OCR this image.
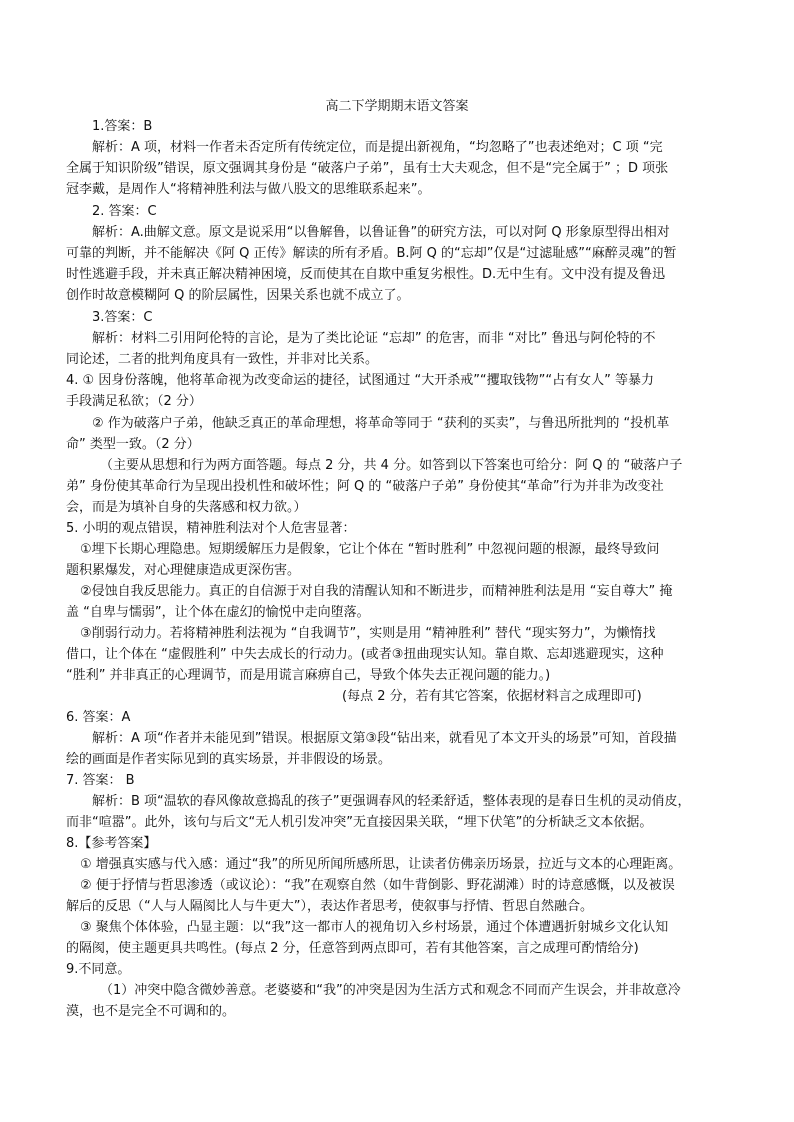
高二下学期期末语文答案
1.答案：B
解析：A 项，材料一作者未否定所有传统定位，而是提出新视角，“均忽略了”也表述绝对；C 项 “完
全属于知识阶级”错误，原文强调其身份是 “破落户子弟”，虽有士大夫观念，但不是“完全属于” ；D 项张
冠李戴，是周作人“将精神胜利法与做八股文的思维联系起来”。
2. 答案：C
解析：A.曲解文意。原文是说采用“以鲁解鲁，以鲁证鲁”的研究方法，可以对阿 Q 形象原型得出相对
可靠的判断，并不能解决《阿 Q 正传》解读的所有矛盾。B.阿 Q 的“忘却”仅是“过滤耻感”“麻醉灵魂”的暂
时性逃避手段，并未真正解决精神困境，反而使其在自欺中重复劣根性。D.无中生有。文中没有提及鲁迅
创作时故意模糊阿 Q 的阶层属性，因果关系也就不成立了。
3.答案：C
解析：材料二引用阿伦特的言论，是为了类比论证 “忘却” 的危害，而非 “对比” 鲁迅与阿伦特的不
同论述，二者的批判角度具有一致性，并非对比关系。
4. ① 因身份落魄，他将革命视为改变命运的捷径，试图通过 “大开杀戒”“攫取钱物”“占有女人” 等暴力
手段满足私欲；（2 分）
② 作为破落户子弟，他缺乏真正的革命理想，将革命等同于 “获利的买卖”，与鲁迅所批判的 “投机革
命” 类型一致。（2 分）
（主要从思想和行为两方面答题。每点 2 分，共 4 分。如答到以下答案也可给分：阿 Q 的 “破落户子
弟” 身份使其革命行为呈现出投机性和破坏性；阿 Q 的 “破落户子弟” 身份使其“革命”行为并非为改变社
会，而是为填补自身的失落感和权力欲。）
5. 小明的观点错误，精神胜利法对个人危害显著：
①埋下长期心理隐患。短期缓解压力是假象，它让个体在 “暂时胜利” 中忽视问题的根源，最终导致问
题积累爆发，对心理健康造成更深伤害。
②侵蚀自我反思能力。真正的自信源于对自我的清醒认知和不断进步，而精神胜利法是用 “妄自尊大” 掩
盖 “自卑与懦弱”，让个体在虚幻的愉悦中走向堕落。
③削弱行动力。若将精神胜利法视为 “自我调节”，实则是用 “精神胜利” 替代 “现实努力”，为懒惰找
借口，让个体在 “虚假胜利” 中失去成长的行动力。(或者③扭曲现实认知。靠自欺、忘却逃避现实，这种
“胜利” 并非真正的心理调节，而是用谎言麻痹自己，导致个体失去正视问题的能力。)
(每点 2 分，若有其它答案，依据材料言之成理即可)
6. 答案：A
解析：A 项“作者并未能见到”错误。根据原文第③段“钻出来，就看见了本文开头的场景”可知，首段描
绘的画面是作者实际见到的真实场景，并非假设的场景。
7. 答案： B
解析：B 项“温软的春风像故意捣乱的孩子”更强调春风的轻柔舒适，整体表现的是春日生机的灵动俏皮，
而非“喧嚣”。此外，该句与后文“无人机引发冲突”无直接因果关联，“埋下伏笔”的分析缺乏文本依据。
8.【参考答案】
① 增强真实感与代入感：通过“我”的所见所闻所感所思，让读者仿佛亲历场景，拉近与文本的心理距离。
② 便于抒情与哲思渗透（或议论）：“我”在观察自然（如牛背倒影、野花湖滩）时的诗意感慨，以及被误
解后的反思（“人与人隔阂比人与牛更大”），表达作者思考，使叙事与抒情、哲思自然融合。
③ 聚焦个体体验，凸显主题：以“我”这一都市人的视角切入乡村场景，通过个体遭遇折射城乡文化认知
的隔阂，使主题更具共鸣性。(每点 2 分，任意答到两点即可，若有其他答案，言之成理可酌情给分)
9.不同意。
（1）冲突中隐含微妙善意。老婆婆和“我”的冲突是因为生活方式和观念不同而产生误会，并非故意冷
漠，也不是完全不可调和的。
